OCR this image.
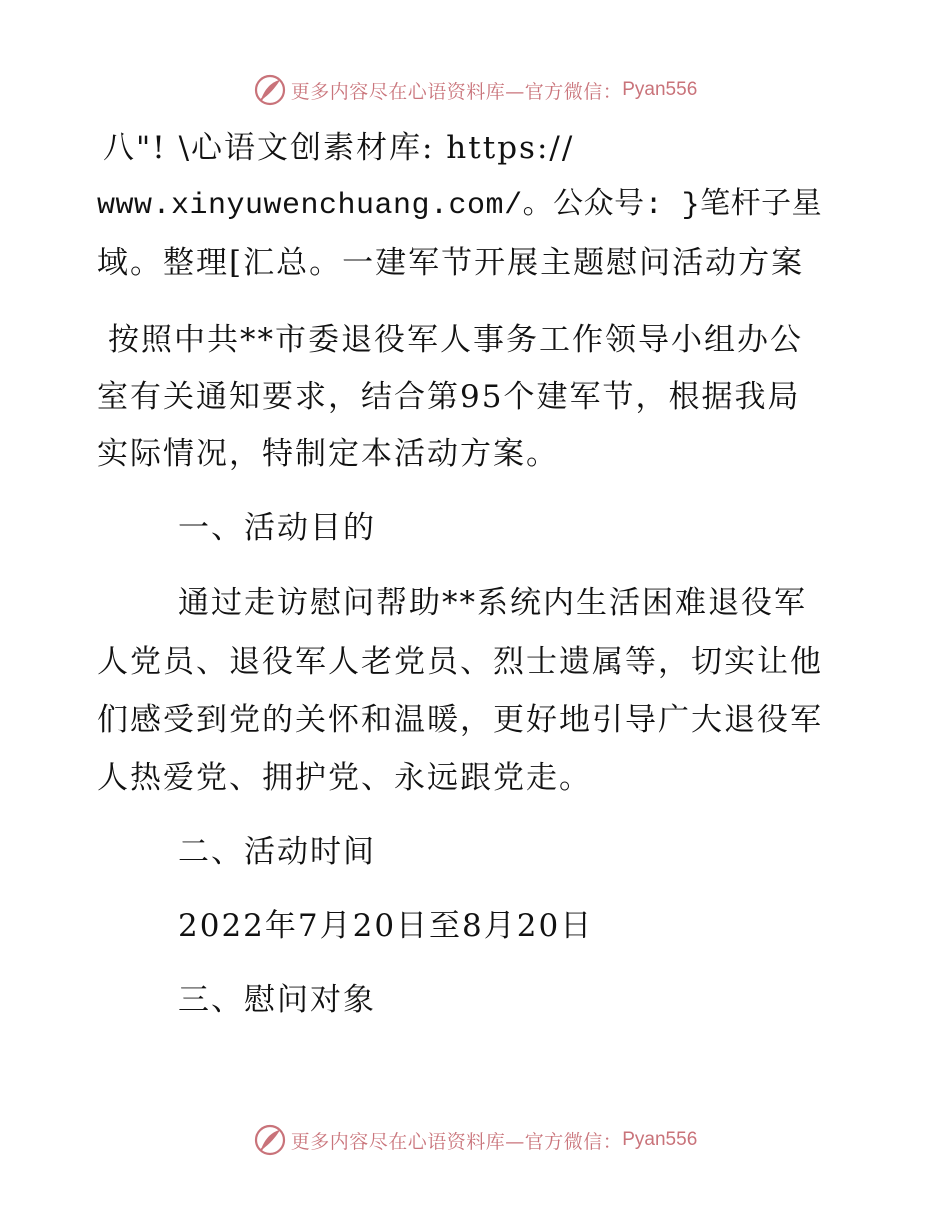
更多内容尽在心语资料库—官方微信： Pyan556
八"! \心语文创素材库: https://
www.xinyuwenchuang.com/。公众号: }笔杆子星
域。整理[汇总。一建军节开展主题慰问活动方案
按照中共**市委退役军人事务工作领导小组办公
室有关通知要求，结合第95个建军节，根据我局
实际情况，特制定本活动方案。
一、活动目的
通过走访慰问帮助**系统内生活困难退役军
人党员、退役军人老党员、烈士遗属等，切实让他
们感受到党的关怀和温暖，更好地引导广大退役军
人热爱党、拥护党、永远跟党走。
二、活动时间
2022年7月20日至8月20日
三、慰问对象
更多内容尽在心语资料库—官方微信： Pyan556
